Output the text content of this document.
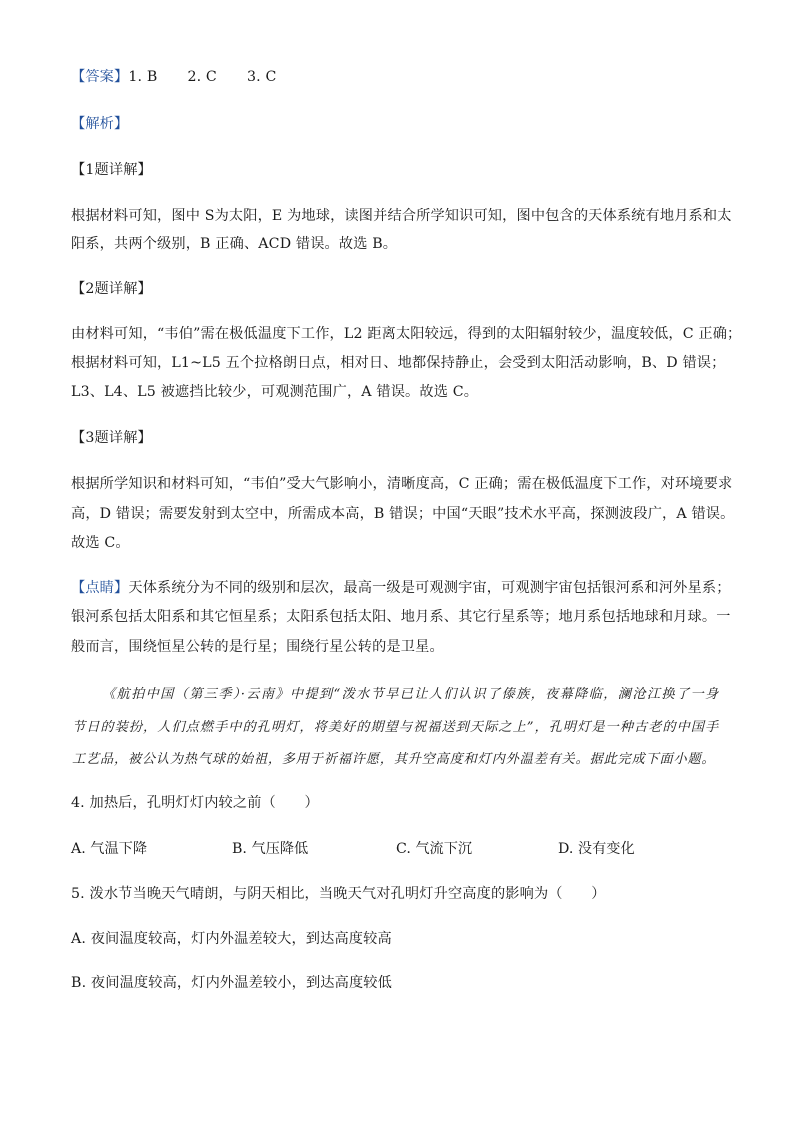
【答案】1. B 2. C 3. C
【解析】
【1题详解】
根据材料可知，图中 S为太阳，E 为地球，读图并结合所学知识可知，图中包含的天体系统有地月系和太
阳系，共两个级别，B 正确、ACD 错误。故选 B。
【2题详解】
由材料可知，“韦伯”需在极低温度下工作，L2 距离太阳较远，得到的太阳辐射较少，温度较低，C 正确；
根据材料可知，L1~L5 五个拉格朗日点，相对日、地都保持静止，会受到太阳活动影响，B、D 错误；
L3、L4、L5 被遮挡比较少，可观测范围广，A 错误。故选 C。
【3题详解】
根据所学知识和材料可知，“韦伯”受大气影响小，清晰度高，C 正确；需在极低温度下工作，对环境要求
高，D 错误；需要发射到太空中，所需成本高，B 错误；中国“天眼”技术水平高，探测波段广，A 错误。
故选 C。
【点睛】天体系统分为不同的级别和层次，最高一级是可观测宇宙，可观测宇宙包括银河系和河外星系；
银河系包括太阳系和其它恒星系；太阳系包括太阳、地月系、其它行星系等；地月系包括地球和月球。一
般而言，围绕恒星公转的是行星；围绕行星公转的是卫星。
《航拍中国（第三季）·云南》中提到“泼水节早已让人们认识了傣族，夜幕降临，澜沧江换了一身
节日的装扮，人们点燃手中的孔明灯，将美好的期望与祝福送到天际之上”，孔明灯是一种古老的中国手
工艺品，被公认为热气球的始祖，多用于祈福许愿，其升空高度和灯内外温差有关。据此完成下面小题。
4. 加热后，孔明灯灯内较之前（　　）
A. 气温下降	B. 气压降低	C. 气流下沉	D. 没有变化
5. 泼水节当晚天气晴朗，与阴天相比，当晚天气对孔明灯升空高度的影响为（　　）
A. 夜间温度较高，灯内外温差较大，到达高度较高
B. 夜间温度较高，灯内外温差较小，到达高度较低
